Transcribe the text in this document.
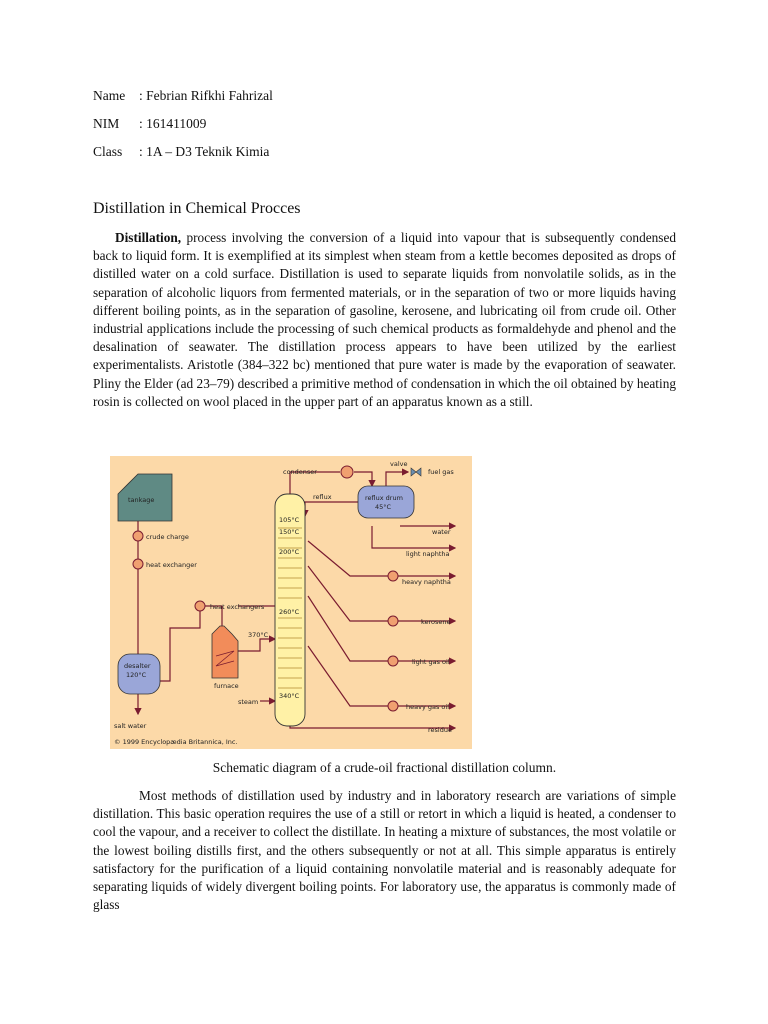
Name : Febrian Rifkhi Fahrizal
NIM : 161411009
Class : 1A – D3 Teknik Kimia
Distillation in Chemical Procces
Distillation, process involving the conversion of a liquid into vapour that is subsequently condensed back to liquid form. It is exemplified at its simplest when steam from a kettle becomes deposited as drops of distilled water on a cold surface. Distillation is used to separate liquids from nonvolatile solids, as in the separation of alcoholic liquors from fermented materials, or in the separation of two or more liquids having different boiling points, as in the separation of gasoline, kerosene, and lubricating oil from crude oil. Other industrial applications include the processing of such chemical products as formaldehyde and phenol and the desalination of seawater. The distillation process appears to have been utilized by the earliest experimentalists. Aristotle (384–322 bc) mentioned that pure water is made by the evaporation of seawater. Pliny the Elder (ad 23–79) described a primitive method of condensation in which the oil obtained by heating rosin is collected on wool placed in the upper part of an apparatus known as a still.
Schematic diagram of a crude-oil fractional distillation column.
Most methods of distillation used by industry and in laboratory research are variations of simple distillation. This basic operation requires the use of a still or retort in which a liquid is heated, a condenser to cool the vapour, and a receiver to collect the distillate. In heating a mixture of substances, the most volatile or the lowest boiling distills first, and the others subsequently or not at all. This simple apparatus is entirely satisfactory for the purification of a liquid containing nonvolatile material and is reasonably adequate for separating liquids of widely divergent boiling points. For laboratory use, the apparatus is commonly made of glass
tankage
crude charge
heat exchanger
desalter
120°C
salt water
heat exchangers
furnace
steam
370°C
105°C
150°C
200°C
260°C
340°C
condenser
valve
fuel gas
reflux	reflux drum
45°C
water
light naphtha
heavy naphtha
kerosene
light gas oil
heavy gas oil
residue
© 1999 Encyclopædia Britannica, Inc.
